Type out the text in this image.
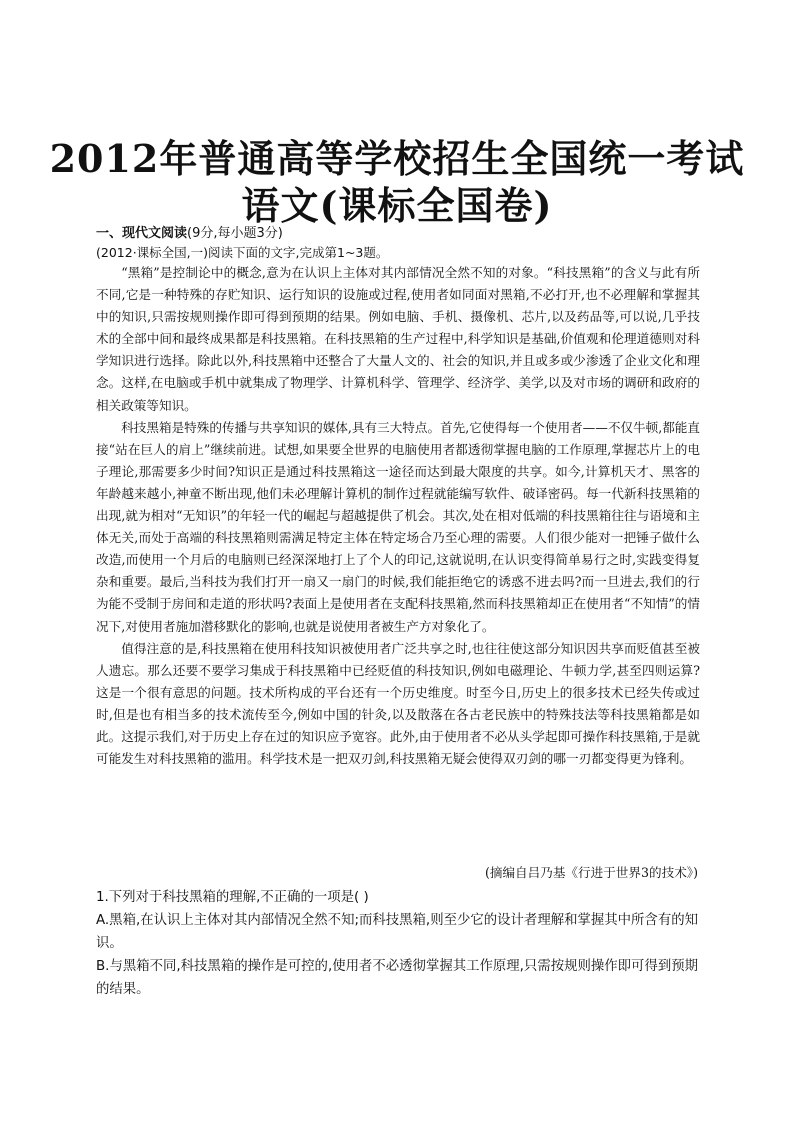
2012年普通高等学校招生全国统一考试
语文(课标全国卷)
一、现代文阅读(9分,每小题3分)

(2012·课标全国,一)阅读下面的文字,完成第1~3题。

“黑箱”是控制论中的概念,意为在认识上主体对其内部情况全然不知的对象。“科技黑箱”的含义与此有所不同,它是一种特殊的存贮知识、运行知识的设施或过程,使用者如同面对黑箱,不必打开,也不必理解和掌握其中的知识,只需按规则操作即可得到预期的结果。例如电脑、手机、摄像机、芯片,以及药品等,可以说,几乎技术的全部中间和最终成果都是科技黑箱。在科技黑箱的生产过程中,科学知识是基础,价值观和伦理道德则对科学知识进行选择。除此以外,科技黑箱中还整合了大量人文的、社会的知识,并且或多或少渗透了企业文化和理念。这样,在电脑或手机中就集成了物理学、计算机科学、管理学、经济学、美学,以及对市场的调研和政府的相关政策等知识。

科技黑箱是特殊的传播与共享知识的媒体,具有三大特点。首先,它使得每一个使用者——不仅牛顿,都能直接“站在巨人的肩上”继续前进。试想,如果要全世界的电脑使用者都透彻掌握电脑的工作原理,掌握芯片上的电子理论,那需要多少时间?知识正是通过科技黑箱这一途径而达到最大限度的共享。如今,计算机天才、黑客的年龄越来越小,神童不断出现,他们未必理解计算机的制作过程就能编写软件、破译密码。每一代新科技黑箱的出现,就为相对“无知识”的年轻一代的崛起与超越提供了机会。其次,处在相对低端的科技黑箱往往与语境和主体无关,而处于高端的科技黑箱则需满足特定主体在特定场合乃至心理的需要。人们很少能对一把锤子做什么改造,而使用一个月后的电脑则已经深深地打上了个人的印记,这就说明,在认识变得简单易行之时,实践变得复杂和重要。最后,当科技为我们打开一扇又一扇门的时候,我们能拒绝它的诱惑不进去吗?而一旦进去,我们的行为能不受制于房间和走道的形状吗?表面上是使用者在支配科技黑箱,然而科技黑箱却正在使用者“不知情”的情况下,对使用者施加潜移默化的影响,也就是说使用者被生产方对象化了。

值得注意的是,科技黑箱在使用科技知识被使用者广泛共享之时,也往往使这部分知识因共享而贬值甚至被人遗忘。那么还要不要学习集成于科技黑箱中已经贬值的科技知识,例如电磁理论、牛顿力学,甚至四则运算?这是一个很有意思的问题。技术所构成的平台还有一个历史维度。时至今日,历史上的很多技术已经失传或过时,但是也有相当多的技术流传至今,例如中国的针灸,以及散落在各古老民族中的特殊技法等科技黑箱都是如此。这提示我们,对于历史上存在过的知识应予宽容。此外,由于使用者不必从头学起即可操作科技黑箱,于是就可能发生对科技黑箱的滥用。科学技术是一把双刃剑,科技黑箱无疑会使得双刃剑的哪一刃都变得更为锋利。

(摘编自吕乃基《行进于世界3的技术》)

1.下列对于科技黑箱的理解,不正确的一项是( )

A.黑箱,在认识上主体对其内部情况全然不知;而科技黑箱,则至少它的设计者理解和掌握其中所含有的知识。

B.与黑箱不同,科技黑箱的操作是可控的,使用者不必透彻掌握其工作原理,只需按规则操作即可得到预期的结果。
